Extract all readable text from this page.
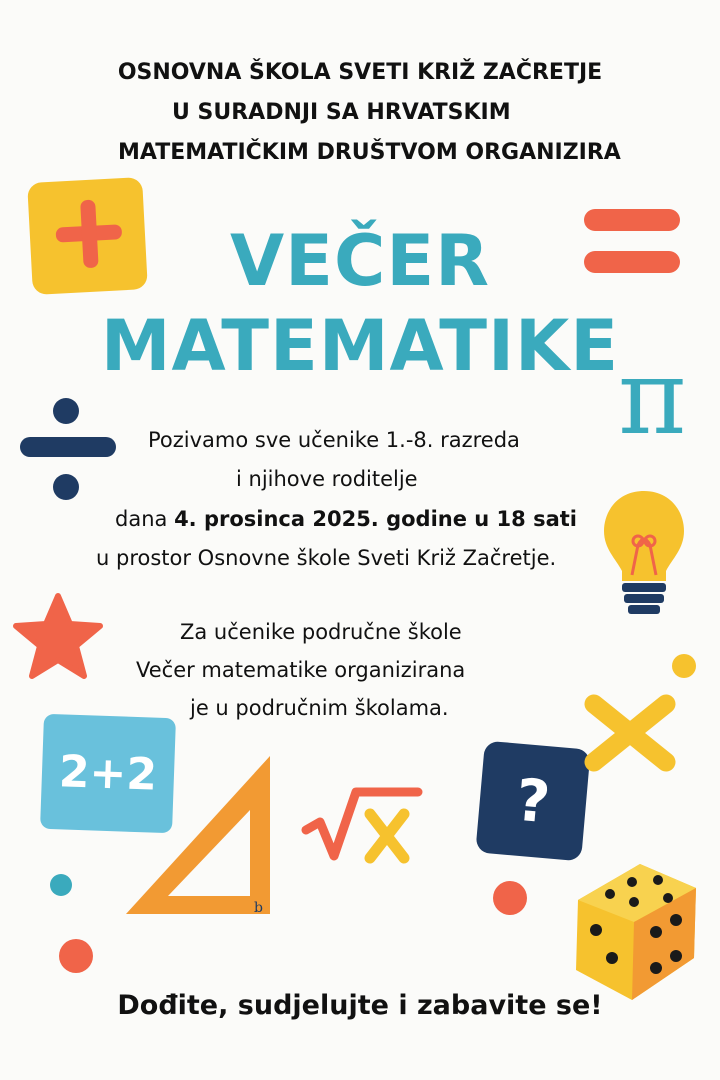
OSNOVNA ŠKOLA SVETI KRIŽ ZAČRETJE
U SURADNJI SA HRVATSKIM
MATEMATIČKIM DRUŠTVOM ORGANIZIRA
VEČER
MATEMATIKE
Pozivamo sve učenike 1.-8. razreda
i njihove roditelje
dana 4. prosinca 2025. godine u 18 sati
u prostor Osnovne škole Sveti Križ Začretje.
Za učenike područne škole
Večer matematike organizirana
je u područnim školama.
Dođite, sudjelujte i zabavite se!
π
2+2
b
?
